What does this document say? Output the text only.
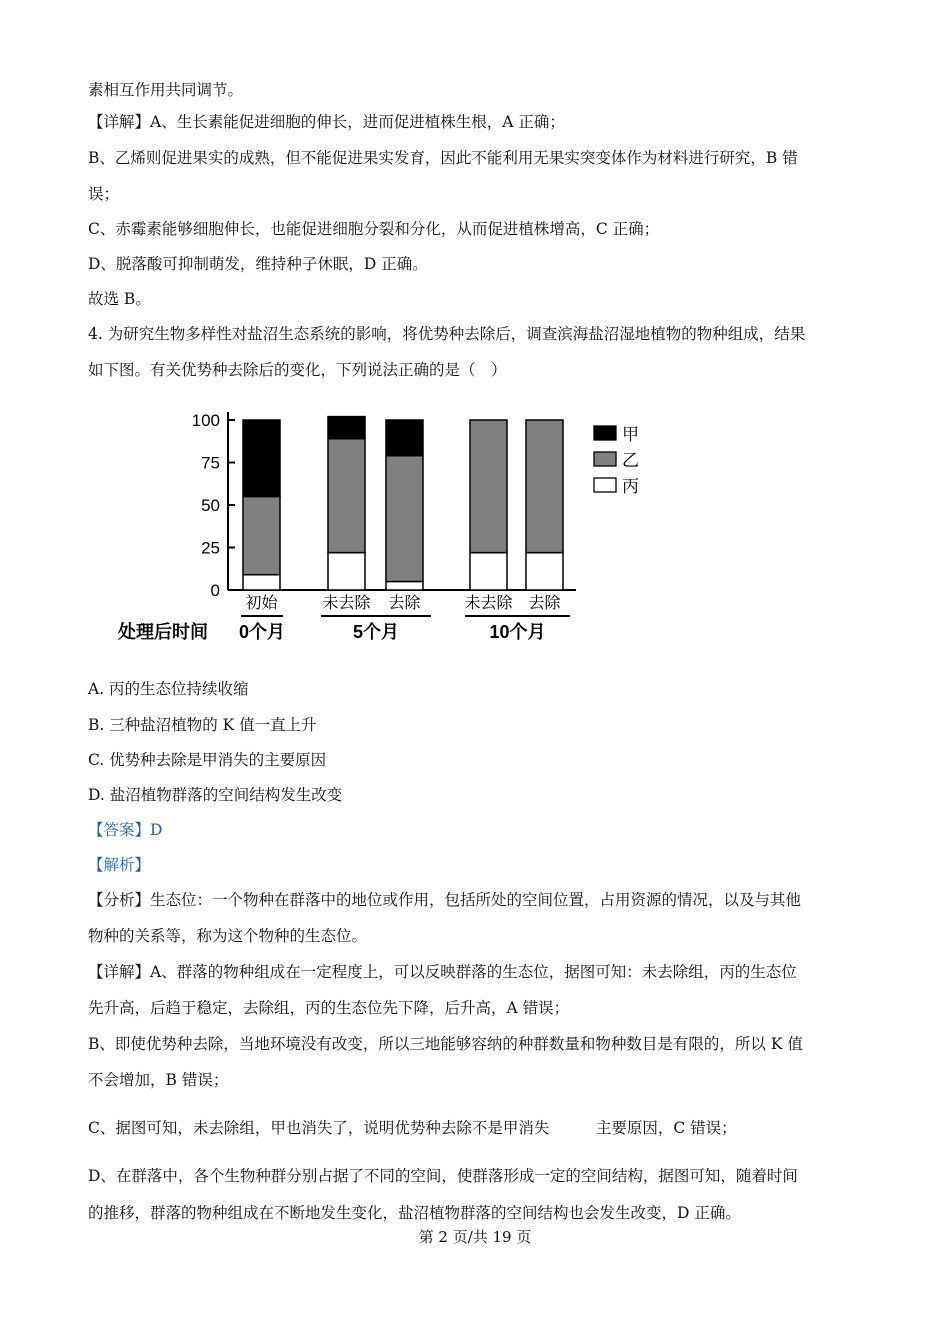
素相互作用共同调节。
【详解】A、生长素能促进细胞的伸长，进而促进植株生根，A 正确；
B、乙烯则促进果实的成熟，但不能促进果实发育，因此不能利用无果实突变体作为材料进行研究，B 错
误；
C、赤霉素能够细胞伸长，也能促进细胞分裂和分化，从而促进植株增高，C 正确；
D、脱落酸可抑制萌发，维持种子休眠，D 正确。
故选 B。
4. 为研究生物多样性对盐沼生态系统的影响，将优势种去除后，调查滨海盐沼湿地植物的物种组成，结果
如下图。有关优势种去除后的变化，下列说法正确的是（　）
A. 丙的生态位持续收缩
B. 三种盐沼植物的 K 值一直上升
C. 优势种去除是甲消失的主要原因
D. 盐沼植物群落的空间结构发生改变
【分析】生态位：一个物种在群落中的地位或作用，包括所处的空间位置，占用资源的情况，以及与其他
物种的关系等，称为这个物种的生态位。
【详解】A、群落的物种组成在一定程度上，可以反映群落的生态位，据图可知：未去除组，丙的生态位
先升高，后趋于稳定，去除组，丙的生态位先下降，后升高，A 错误；
B、即使优势种去除，当地环境没有改变，所以三地能够容纳的种群数量和物种数目是有限的，所以 K 值
不会增加，B 错误；
C、据图可知，未去除组，甲也消失了，说明优势种去除不是甲消失　　　主要原因，C 错误；
D、在群落中，各个生物种群分别占据了不同的空间，使群落形成一定的空间结构，据图可知，随着时间
的推移，群落的物种组成在不断地发生变化，盐沼植物群落的空间结构也会发生改变，D 正确。
【答案】D
【解析】
0
25
50
75
100
初始	未去除 去除	未去除 去除
0个月	5个月	10个月
处理后时间
甲
乙
丙
第 2 页/共 19 页
